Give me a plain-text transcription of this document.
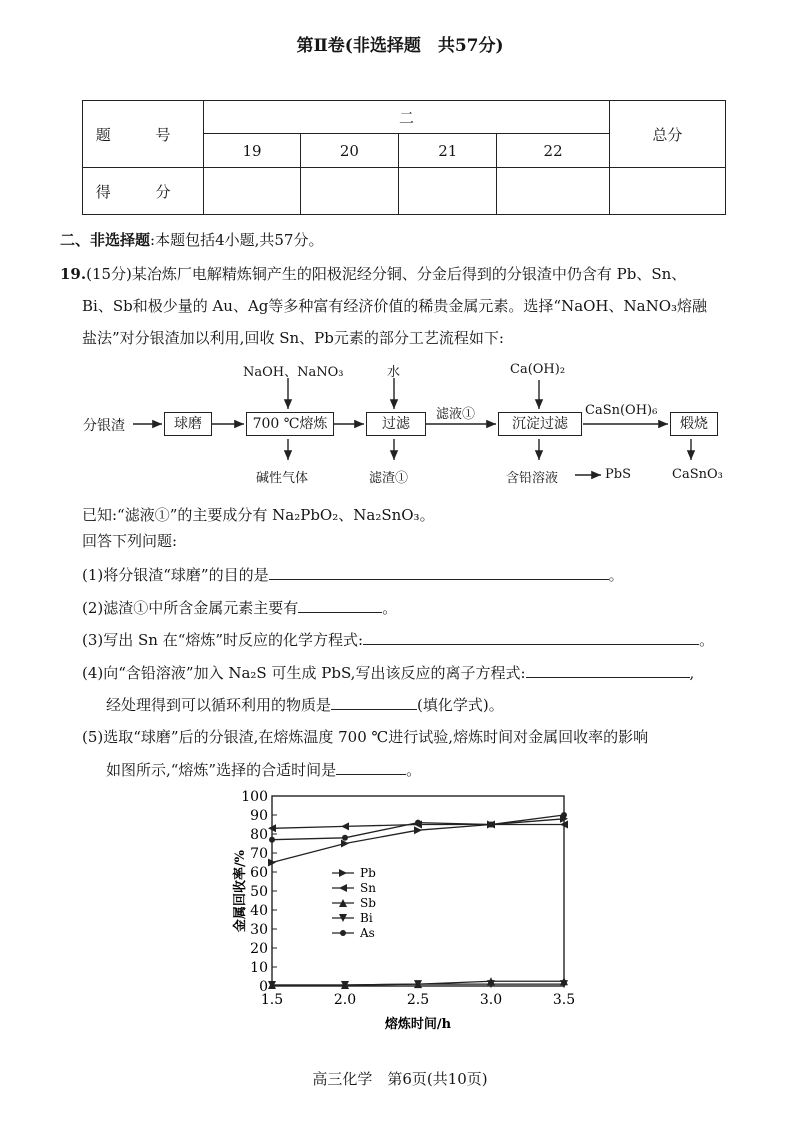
第Ⅱ卷(非选择题　共57分)
题 号	二				总分
	19	20	21	22	
得 分					
二、非选择题:本题包括4小题,共57分。
19.(15分)某冶炼厂电解精炼铜产生的阳极泥经分铜、分金后得到的分银渣中仍含有 Pb、Sn、
Bi、Sb和极少量的 Au、Ag等多种富有经济价值的稀贵金属元素。选择“NaOH、NaNO₃熔融
盐法”对分银渣加以利用,回收 Sn、Pb元素的部分工艺流程如下:
分银渣	球磨	700 ℃熔炼	过滤	沉淀过滤	煅烧
NaOH、NaNO₃	水	Ca(OH)₂
滤液①	CaSn(OH)₆
碱性气体	滤渣①	含铅溶液	PbS	CaSnO₃
已知:“滤液①”的主要成分有 Na₂PbO₂、Na₂SnO₃。
回答下列问题:
(1)将分银渣“球磨”的目的是	。
(2)滤渣①中所含金属元素主要有	。
(3)写出 Sn 在“熔炼”时反应的化学方程式:	。
(4)向“含铅溶液”加入 Na₂S 可生成 PbS,写出该反应的离子方程式:	,
经处理得到可以循环利用的物质是	(填化学式)。
(5)选取“球磨”后的分银渣,在熔炼温度 700 ℃进行试验,熔炼时间对金属回收率的影响
如图所示,“熔炼”选择的合适时间是	。
0
10
20
30
40
50
60
70
80
90
100
1.5	2.0	2.5	3.0	3.5
熔炼时间/h
金属回收率/%	Pb
Sn
Sb
Bi
As
高三化学　第6页(共10页)
